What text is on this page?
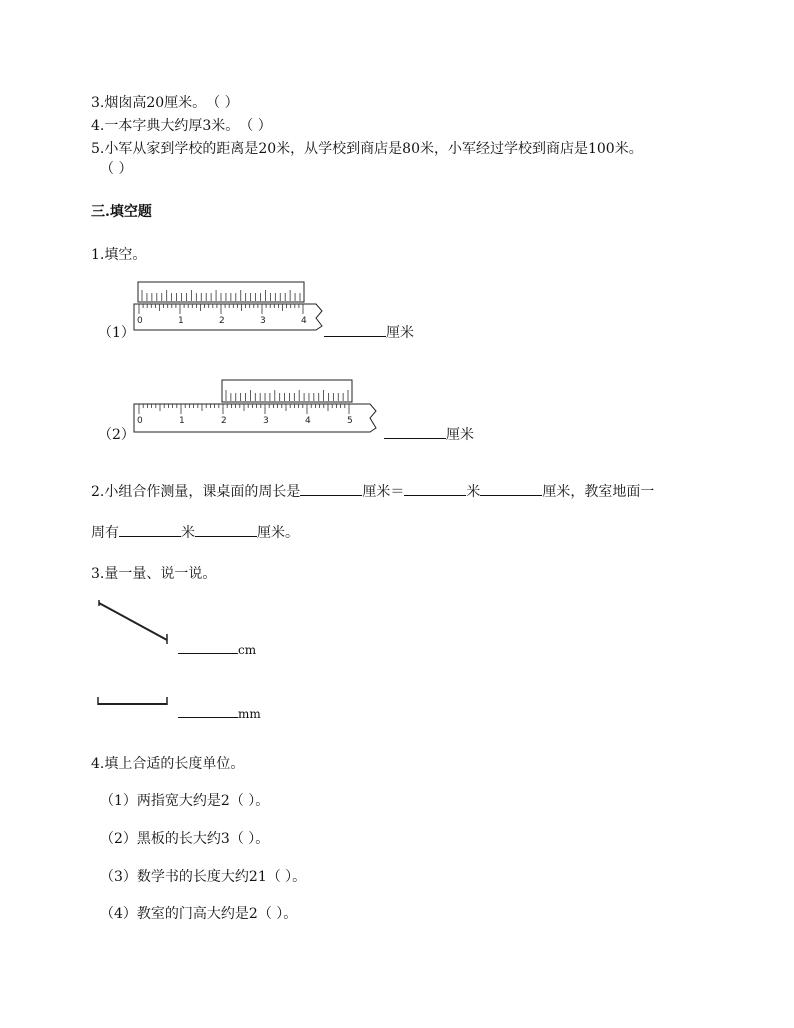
3.烟囱高20厘米。　（ ）
4.一本字典大约厚3米。　（ ）
5.小军从家到学校的距离是20米，从学校到商店是80米，小军经过学校到商店是100米。
（ ）
三.填空题
1.填空。
0	1	2	3	4
（1）	厘米
0	1	2	3	4	5
（2）	厘米
2.小组合作测量，课桌面的周长是	厘米＝	米	厘米，教室地面一
周有	米	厘米。
3.量一量、说一说。
cm
mm
4.填上合适的长度单位。
（1）两指宽大约是2（ ）。
（2）黑板的长大约3（ ）。
（3）数学书的长度大约21（ ）。
（4）教室的门高大约是2（ ）。
